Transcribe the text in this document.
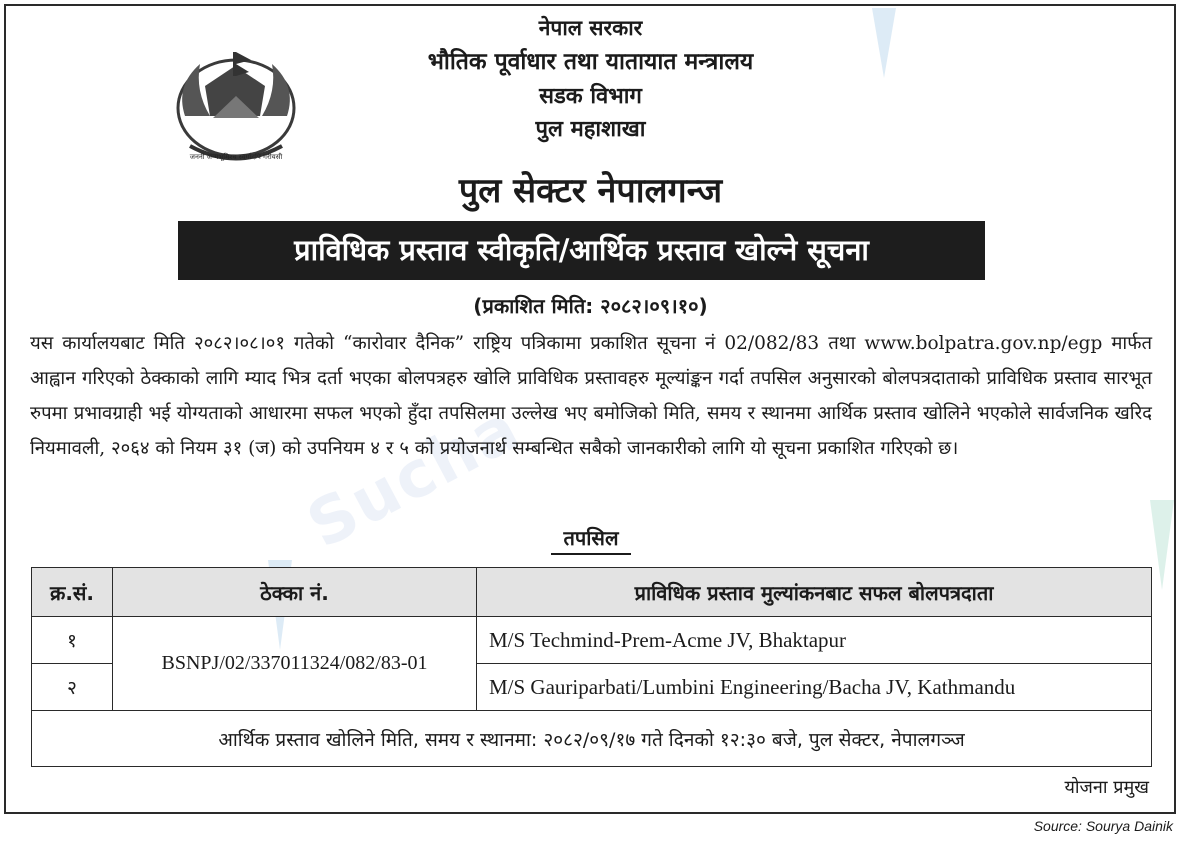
Sucha
जननी जन्मभूमिश्च स्वर्गादपि गरीयसी
नेपाल सरकार
भौतिक पूर्वाधार तथा यातायात मन्त्रालय
सडक विभाग
पुल महाशाखा
पुल सेक्टर नेपालगन्ज
प्राविधिक प्रस्ताव स्वीकृति/आर्थिक प्रस्ताव खोल्ने सूचना
(प्रकाशित मिति: २०८२।०९।१०)
यस कार्यालयबाट मिति २०८२।०८।०१ गतेको “कारोवार दैनिक” राष्ट्रिय पत्रिकामा प्रकाशित सूचना नं 02/082/83 तथा www.bolpatra.gov.np/egp मार्फत आह्वान गरिएको ठेक्काको लागि म्याद भित्र दर्ता भएका बोलपत्रहरु खोलि प्राविधिक प्रस्तावहरु मूल्यांङ्कन गर्दा तपसिल अनुसारको बोलपत्रदाताको प्राविधिक प्रस्ताव सारभूत रुपमा प्रभावग्राही भई योग्यताको आधारमा सफल भएको हुँदा तपसिलमा उल्लेख भए बमोजिको मिति, समय र स्थानमा आर्थिक प्रस्ताव खोलिने भएकोले सार्वजनिक खरिद नियमावली, २०६४ को नियम ३१ (ज) को उपनियम ४ र ५ को प्रयोजनार्थ सम्बन्धित सबैको जानकारीको लागि यो सूचना प्रकाशित गरिएको छ।
तपसिल
क्र.सं.	ठेक्का नं.	प्राविधिक प्रस्ताव मुल्यांकनबाट सफल बोलपत्रदाता
१	BSNPJ/02/337011324/082/83-01	M/S Techmind-Prem-Acme JV, Bhaktapur
२		M/S Gauriparbati/Lumbini Engineering/Bacha JV, Kathmandu
आर्थिक प्रस्ताव खोलिने मिति, समय र स्थानमा: २०८२/०९/१७ गते दिनको १२:३० बजे, पुल सेक्टर, नेपालगञ्ज		
योजना प्रमुख
Source: Sourya Dainik
